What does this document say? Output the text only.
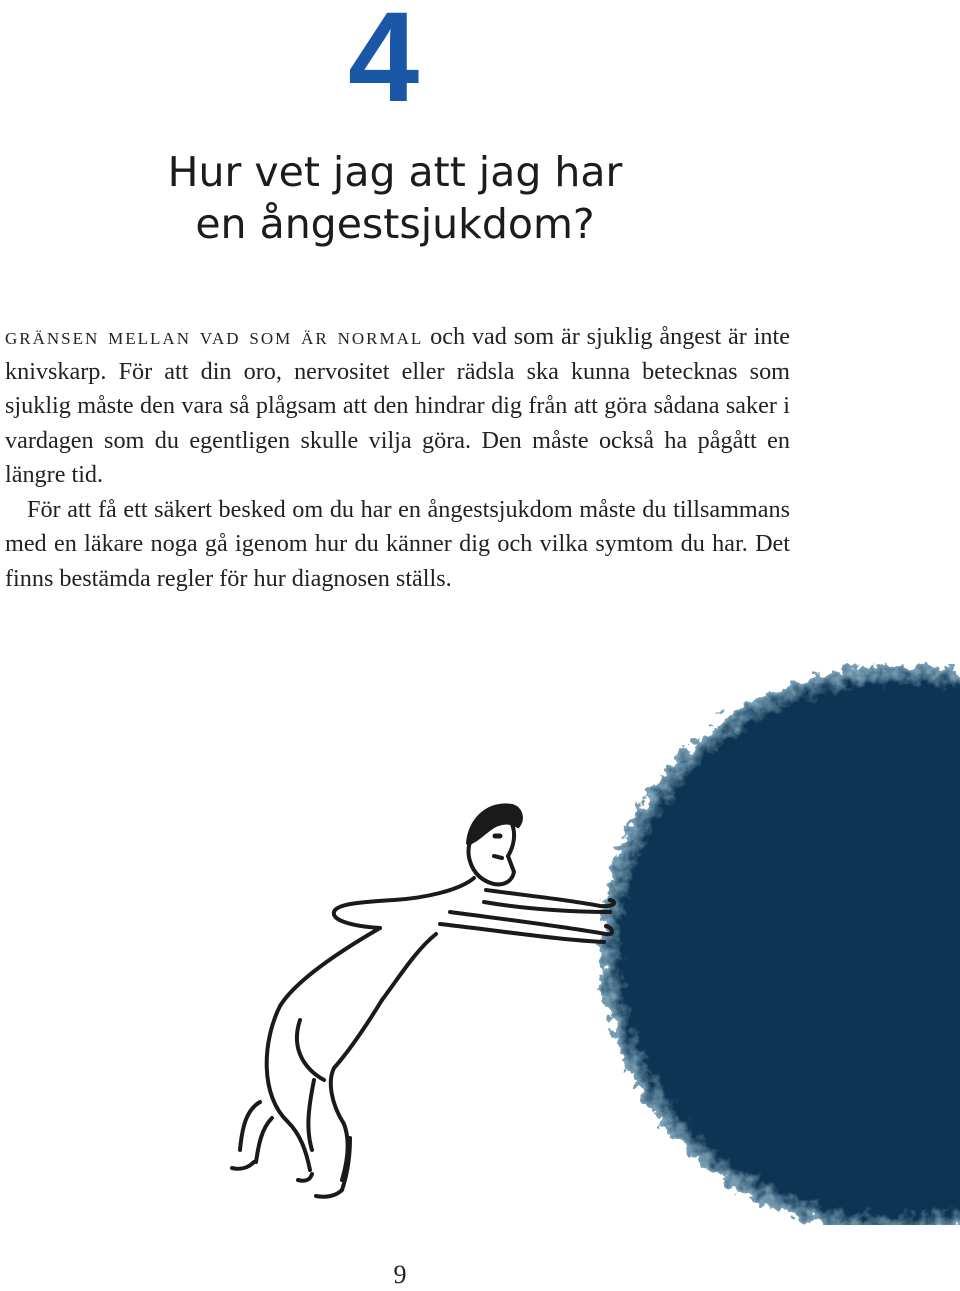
4
Hur vet jag att jag har
en ångestsjukdom?

gränsen mellan vad som är normal och vad som är sjuklig ångest är inte knivskarp. För att din oro, nervositet eller rädsla ska kunna betecknas som sjuklig måste den vara så plågsam att den hindrar dig från att göra sådana saker i vardagen som du egentligen skulle vilja göra. Den måste också ha pågått en längre tid.

För att få ett säkert besked om du har en ångestsjukdom måste du tillsammans med en läkare noga gå igenom hur du känner dig och vilka symtom du har. Det finns bestämda regler för hur diagnosen ställs.

9
